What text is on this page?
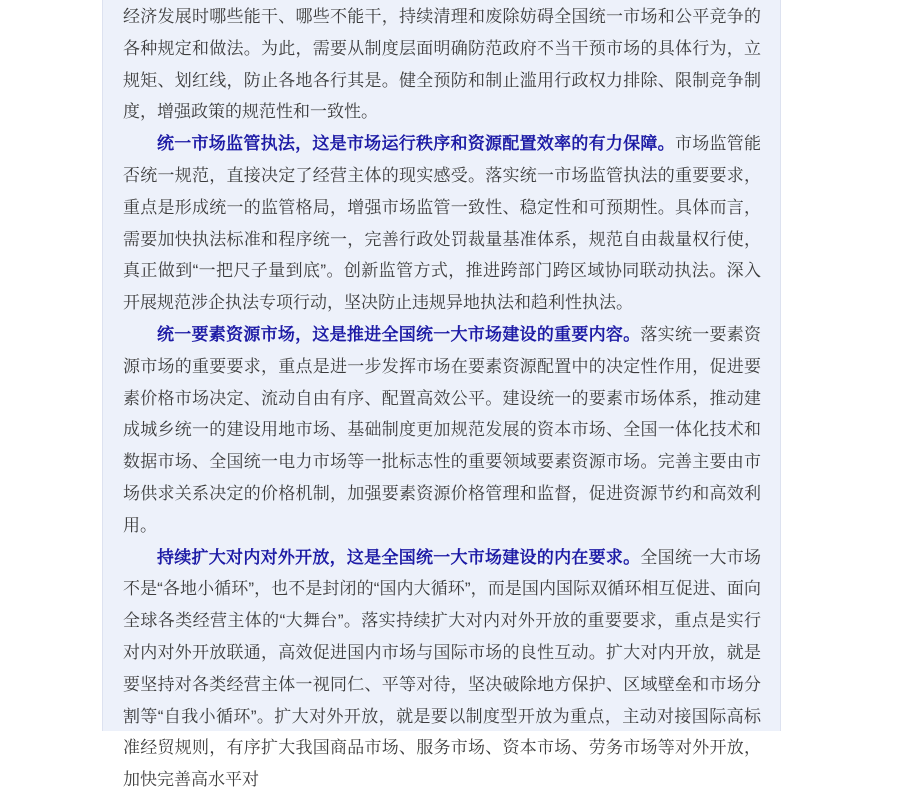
经济发展时哪些能干、哪些不能干，持续清理和废除妨碍全国统一市场和公平竞争的各种规定和做法。为此，需要从制度层面明确防范政府不当干预市场的具体行为，立规矩、划红线，防止各地各行其是。健全预防和制止滥用行政权力排除、限制竞争制度，增强政策的规范性和一致性。

统一市场监管执法，这是市场运行秩序和资源配置效率的有力保障。市场监管能否统一规范，直接决定了经营主体的现实感受。落实统一市场监管执法的重要要求，重点是形成统一的监管格局，增强市场监管一致性、稳定性和可预期性。具体而言，需要加快执法标准和程序统一，完善行政处罚裁量基准体系，规范自由裁量权行使，真正做到“一把尺子量到底”。创新监管方式，推进跨部门跨区域协同联动执法。深入开展规范涉企执法专项行动，坚决防止违规异地执法和趋利性执法。

统一要素资源市场，这是推进全国统一大市场建设的重要内容。落实统一要素资源市场的重要要求，重点是进一步发挥市场在要素资源配置中的决定性作用，促进要素价格市场决定、流动自由有序、配置高效公平。建设统一的要素市场体系，推动建成城乡统一的建设用地市场、基础制度更加规范发展的资本市场、全国一体化技术和数据市场、全国统一电力市场等一批标志性的重要领域要素资源市场。完善主要由市场供求关系决定的价格机制，加强要素资源价格管理和监督，促进资源节约和高效利用。

持续扩大对内对外开放，这是全国统一大市场建设的内在要求。全国统一大市场不是“各地小循环”，也不是封闭的“国内大循环”，而是国内国际双循环相互促进、面向全球各类经营主体的“大舞台”。落实持续扩大对内对外开放的重要要求，重点是实行对内对外开放联通，高效促进国内市场与国际市场的良性互动。扩大对内开放，就是要坚持对各类经营主体一视同仁、平等对待，坚决破除地方保护、区域壁垒和市场分割等“自我小循环”。扩大对外开放，就是要以制度型开放为重点，主动对接国际高标准经贸规则，有序扩大我国商品市场、服务市场、资本市场、劳务市场等对外开放，加快完善高水平对
